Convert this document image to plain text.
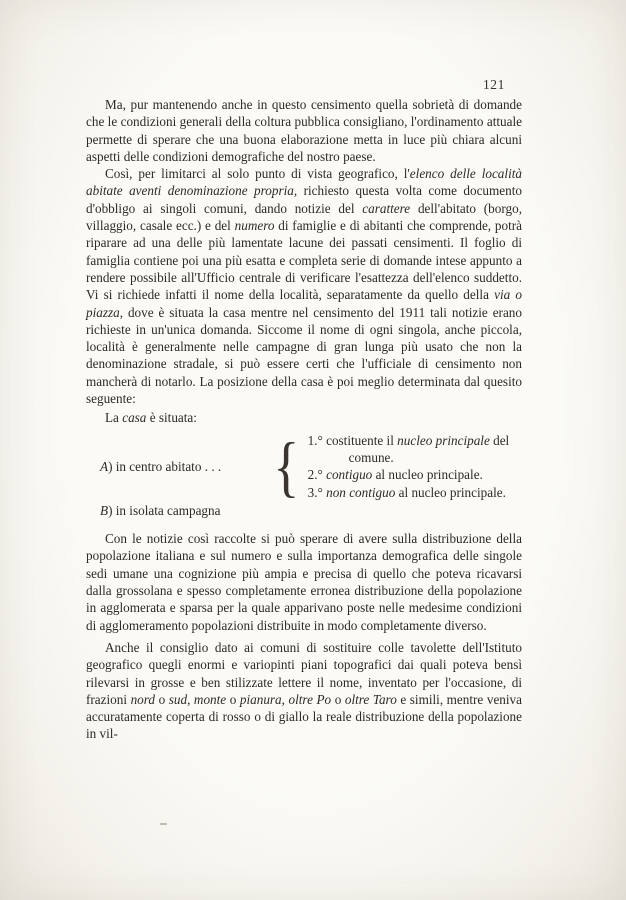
121

Ma, pur mantenendo anche in questo censimento quella sobrietà di domande che le condizioni generali della coltura pubblica consigliano, l'ordinamento attuale permette di sperare che una buona elaborazione metta in luce più chiara alcuni aspetti delle condizioni demografiche del nostro paese.

Così, per limitarci al solo punto di vista geografico, l'elenco delle località abitate aventi denominazione propria, richiesto questa volta come documento d'obbligo ai singoli comuni, dando notizie del carattere dell'abitato (borgo, villaggio, casale ecc.) e del numero di famiglie e di abitanti che comprende, potrà riparare ad una delle più lamentate lacune dei passati censimenti. Il foglio di famiglia contiene poi una più esatta e completa serie di domande intese appunto a rendere possibile all'Ufficio centrale di verificare l'esattezza dell'elenco suddetto. Vi si richiede infatti il nome della località, separatamente da quello della via o piazza, dove è situata la casa mentre nel censimento del 1911 tali notizie erano richieste in un'unica domanda. Siccome il nome di ogni singola, anche piccola, località è generalmente nelle campagne di gran lunga più usato che non la denominazione stradale, si può essere certi che l'ufficiale di censimento non mancherà di notarlo. La posizione della casa è poi meglio determinata dal quesito seguente:

La casa è situata:

A) in centro abitato . . . { 1.° costituente il nucleo principale del comune.
2.° contiguo al nucleo principale.
3.° non contiguo al nucleo principale.
B) in isolata campagna

Con le notizie così raccolte si può sperare di avere sulla distribuzione della popolazione italiana e sul numero e sulla importanza demografica delle singole sedi umane una cognizione più ampia e precisa di quello che poteva ricavarsi dalla grossolana e spesso completamente erronea distribuzione della popolazione in agglomerata e sparsa per la quale apparivano poste nelle medesime condizioni di agglomeramento popolazioni distribuite in modo completamente diverso.

Anche il consiglio dato ai comuni di sostituire colle tavolette dell'Istituto geografico quegli enormi e variopinti piani topografici dai quali poteva bensì rilevarsi in grosse e ben stilizzate lettere il nome, inventato per l'occasione, di frazioni nord o sud, monte o pianura, oltre Po o oltre Taro e simili, mentre veniva accuratamente coperta di rosso o di giallo la reale distribuzione della popolazione in vil-
